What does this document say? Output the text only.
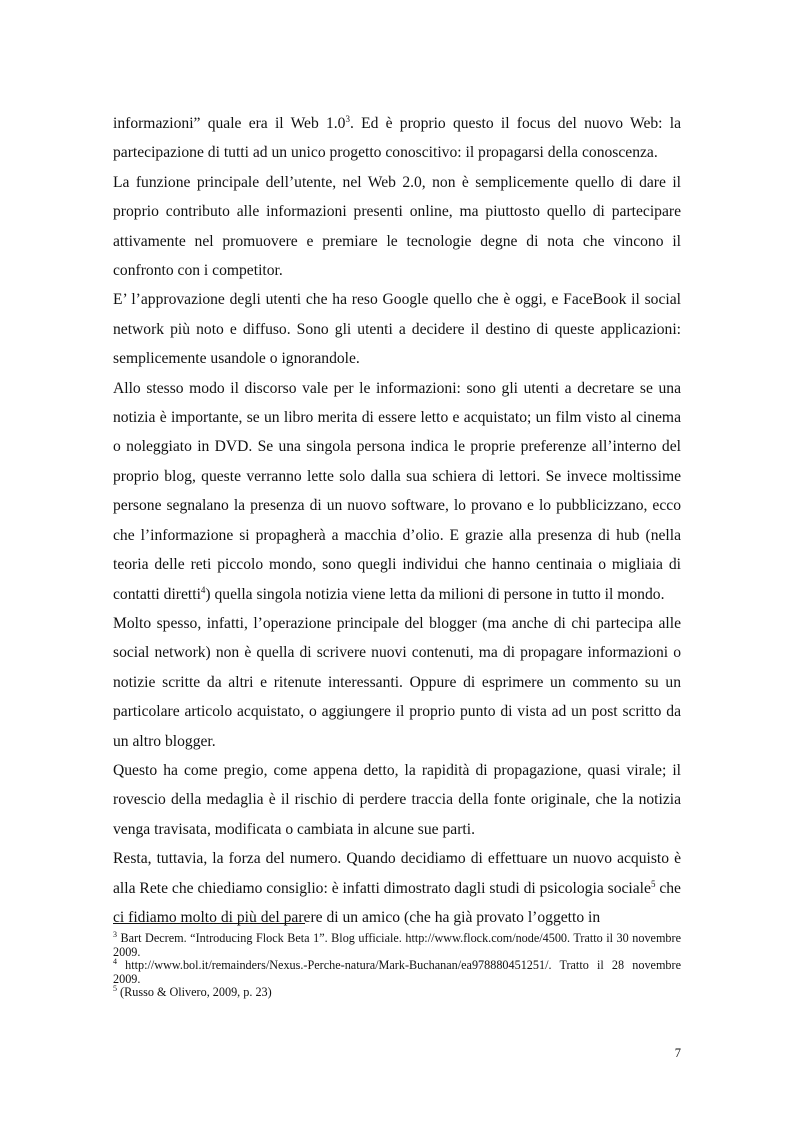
informazioni” quale era il Web $1.0^3$. Ed è proprio questo il focus del nuovo Web: la partecipazione di tutti ad un unico progetto conoscitivo: il propagarsi della conoscenza.

La funzione principale dell’utente, nel Web 2.0, non è semplicemente quello di dare il proprio contributo alle informazioni presenti online, ma piuttosto quello di partecipare attivamente nel promuovere e premiare le tecnologie degne di nota che vincono il confronto con i competitor.

E’ l’approvazione degli utenti che ha reso Google quello che è oggi, e FaceBook il social network più noto e diffuso. Sono gli utenti a decidere il destino di queste applicazioni: semplicemente usandole o ignorandole.

Allo stesso modo il discorso vale per le informazioni: sono gli utenti a decretare se una notizia è importante, se un libro merita di essere letto e acquistato; un film visto al cinema o noleggiato in DVD. Se una singola persona indica le proprie preferenze all’interno del proprio blog, queste verranno lette solo dalla sua schiera di lettori. Se invece moltissime persone segnalano la presenza di un nuovo software, lo provano e lo pubblicizzano, ecco che l’informazione si propagherà a macchia d’olio. E grazie alla presenza di hub (nella teoria delle reti piccolo mondo, sono quegli individui che hanno centinaia o migliaia di contatti diretti$^4$) quella singola notizia viene letta da milioni di persone in tutto il mondo.

Molto spesso, infatti, l’operazione principale del blogger (ma anche di chi partecipa alle social network) non è quella di scrivere nuovi contenuti, ma di propagare informazioni o notizie scritte da altri e ritenute interessanti. Oppure di esprimere un commento su un particolare articolo acquistato, o aggiungere il proprio punto di vista ad un post scritto da un altro blogger.

Questo ha come pregio, come appena detto, la rapidità di propagazione, quasi virale; il rovescio della medaglia è il rischio di perdere traccia della fonte originale, che la notizia venga travisata, modificata o cambiata in alcune sue parti.

Resta, tuttavia, la forza del numero. Quando decidiamo di effettuare un nuovo acquisto è alla Rete che chiediamo consiglio: è infatti dimostrato dagli studi di psicologia sociale$^5$ che ci fidiamo molto di più del parere di un amico (che ha già provato l’oggetto in

$^3$ Bart Decrem. “Introducing Flock Beta 1”. Blog ufficiale. http://www.flock.com/node/4500. Tratto il 30 novembre 2009.

$^4$ http://www.bol.it/remainders/Nexus.-Perche-natura/Mark-Buchanan/ea978880451251/. Tratto il 28 novembre 2009.

$^5$ (Russo & Olivero, 2009, p. 23)

7
